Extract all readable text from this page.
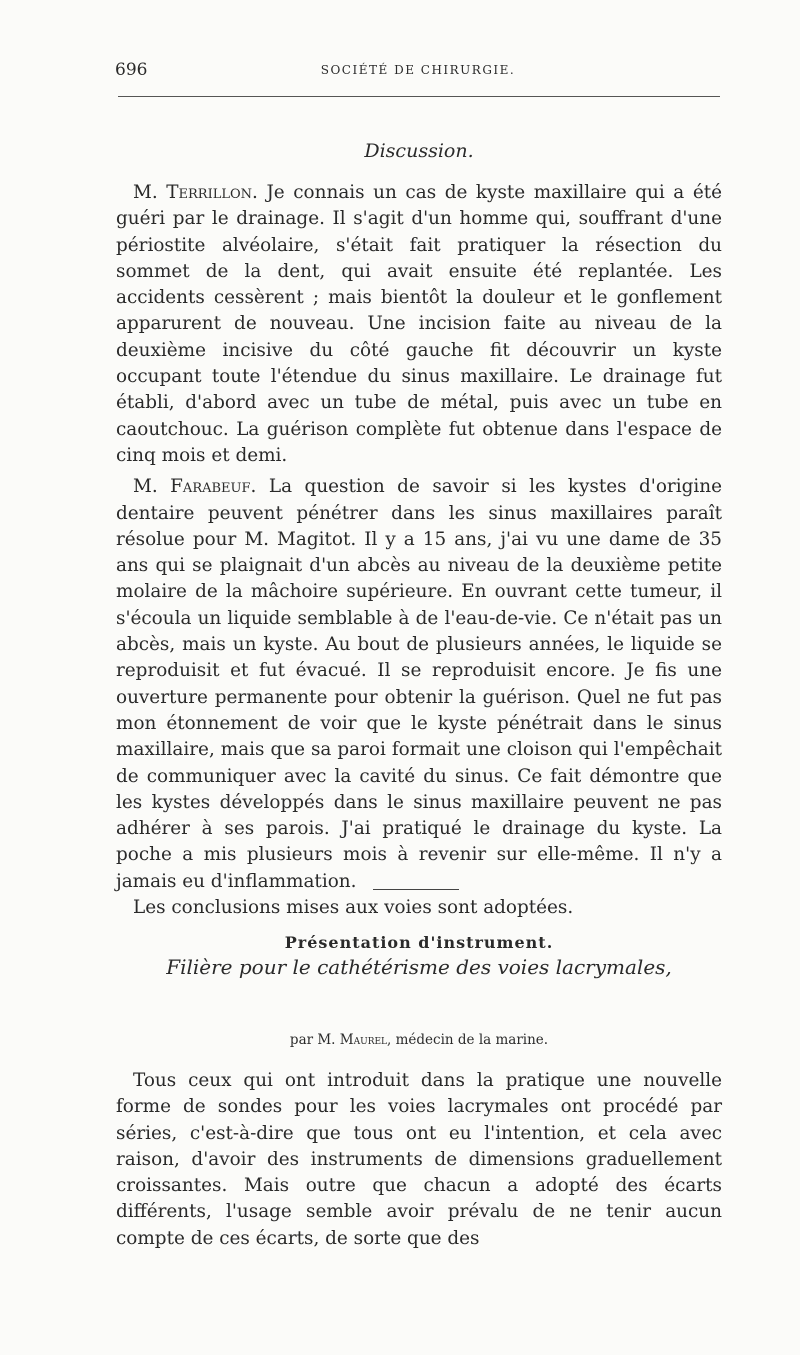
696	SOCIÉTÉ DE CHIRURGIE.
Discussion.

M. Terrillon. Je connais un cas de kyste maxillaire qui a été guéri par le drainage. Il s'agit d'un homme qui, souffrant d'une périostite alvéolaire, s'était fait pratiquer la résection du sommet de la dent, qui avait ensuite été replantée. Les accidents cessèrent ; mais bientôt la douleur et le gonflement apparurent de nouveau. Une incision faite au niveau de la deuxième incisive du côté gauche fit découvrir un kyste occupant toute l'étendue du sinus maxillaire. Le drainage fut établi, d'abord avec un tube de métal, puis avec un tube en caoutchouc. La guérison complète fut obtenue dans l'espace de cinq mois et demi.

M. Farabeuf. La question de savoir si les kystes d'origine dentaire peuvent pénétrer dans les sinus maxillaires paraît résolue pour M. Magitot. Il y a 15 ans, j'ai vu une dame de 35 ans qui se plaignait d'un abcès au niveau de la deuxième petite molaire de la mâchoire supérieure. En ouvrant cette tumeur, il s'écoula un liquide semblable à de l'eau-de-vie. Ce n'était pas un abcès, mais un kyste. Au bout de plusieurs années, le liquide se reproduisit et fut évacué. Il se reproduisit encore. Je fis une ouverture permanente pour obtenir la guérison. Quel ne fut pas mon étonnement de voir que le kyste pénétrait dans le sinus maxillaire, mais que sa paroi formait une cloison qui l'empêchait de communiquer avec la cavité du sinus. Ce fait démontre que les kystes développés dans le sinus maxillaire peuvent ne pas adhérer à ses parois. J'ai pratiqué le drainage du kyste. La poche a mis plusieurs mois à revenir sur elle-même. Il n'y a jamais eu d'inflammation.

Les conclusions mises aux voies sont adoptées.

Présentation d'instrument.
Filière pour le cathétérisme des voies lacrymales,
par M. Maurel, médecin de la marine.

Tous ceux qui ont introduit dans la pratique une nouvelle forme de sondes pour les voies lacrymales ont procédé par séries, c'est-à-dire que tous ont eu l'intention, et cela avec raison, d'avoir des instruments de dimensions graduellement croissantes. Mais outre que chacun a adopté des écarts différents, l'usage semble avoir prévalu de ne tenir aucun compte de ces écarts, de sorte que des
